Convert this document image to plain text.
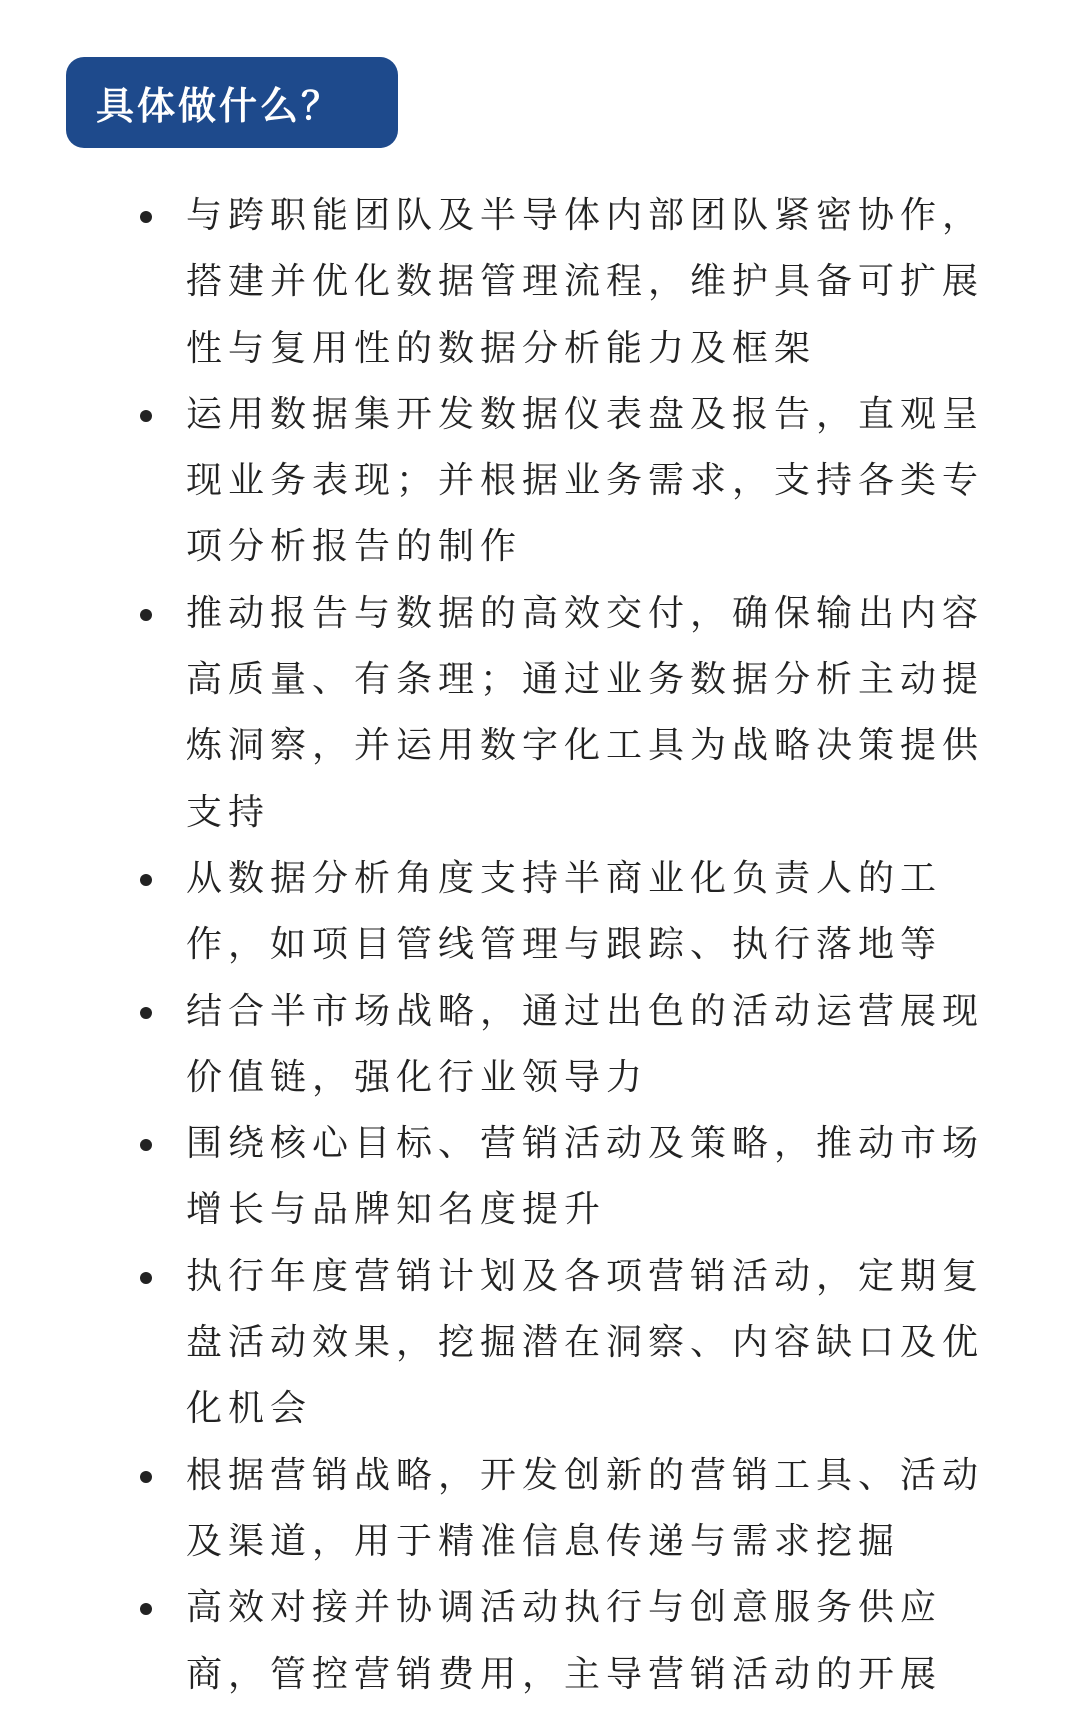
具体做什么？
与跨职能团队及半导体内部团队紧密协作，搭建并优化数据管理流程，维护具备可扩展性与复用性的数据分析能力及框架
运用数据集开发数据仪表盘及报告，直观呈现业务表现；并根据业务需求，支持各类专项分析报告的制作
推动报告与数据的高效交付，确保输出内容高质量、有条理；通过业务数据分析主动提炼洞察，并运用数字化工具为战略决策提供支持
从数据分析角度支持半商业化负责人的工作，如项目管线管理与跟踪、执行落地等
结合半市场战略，通过出色的活动运营展现价值链，强化行业领导力
围绕核心目标、营销活动及策略，推动市场增长与品牌知名度提升
执行年度营销计划及各项营销活动，定期复盘活动效果，挖掘潜在洞察、内容缺口及优化机会
根据营销战略，开发创新的营销工具、活动及渠道，用于精准信息传递与需求挖掘
高效对接并协调活动执行与创意服务供应商，管控营销费用，主导营销活动的开展
